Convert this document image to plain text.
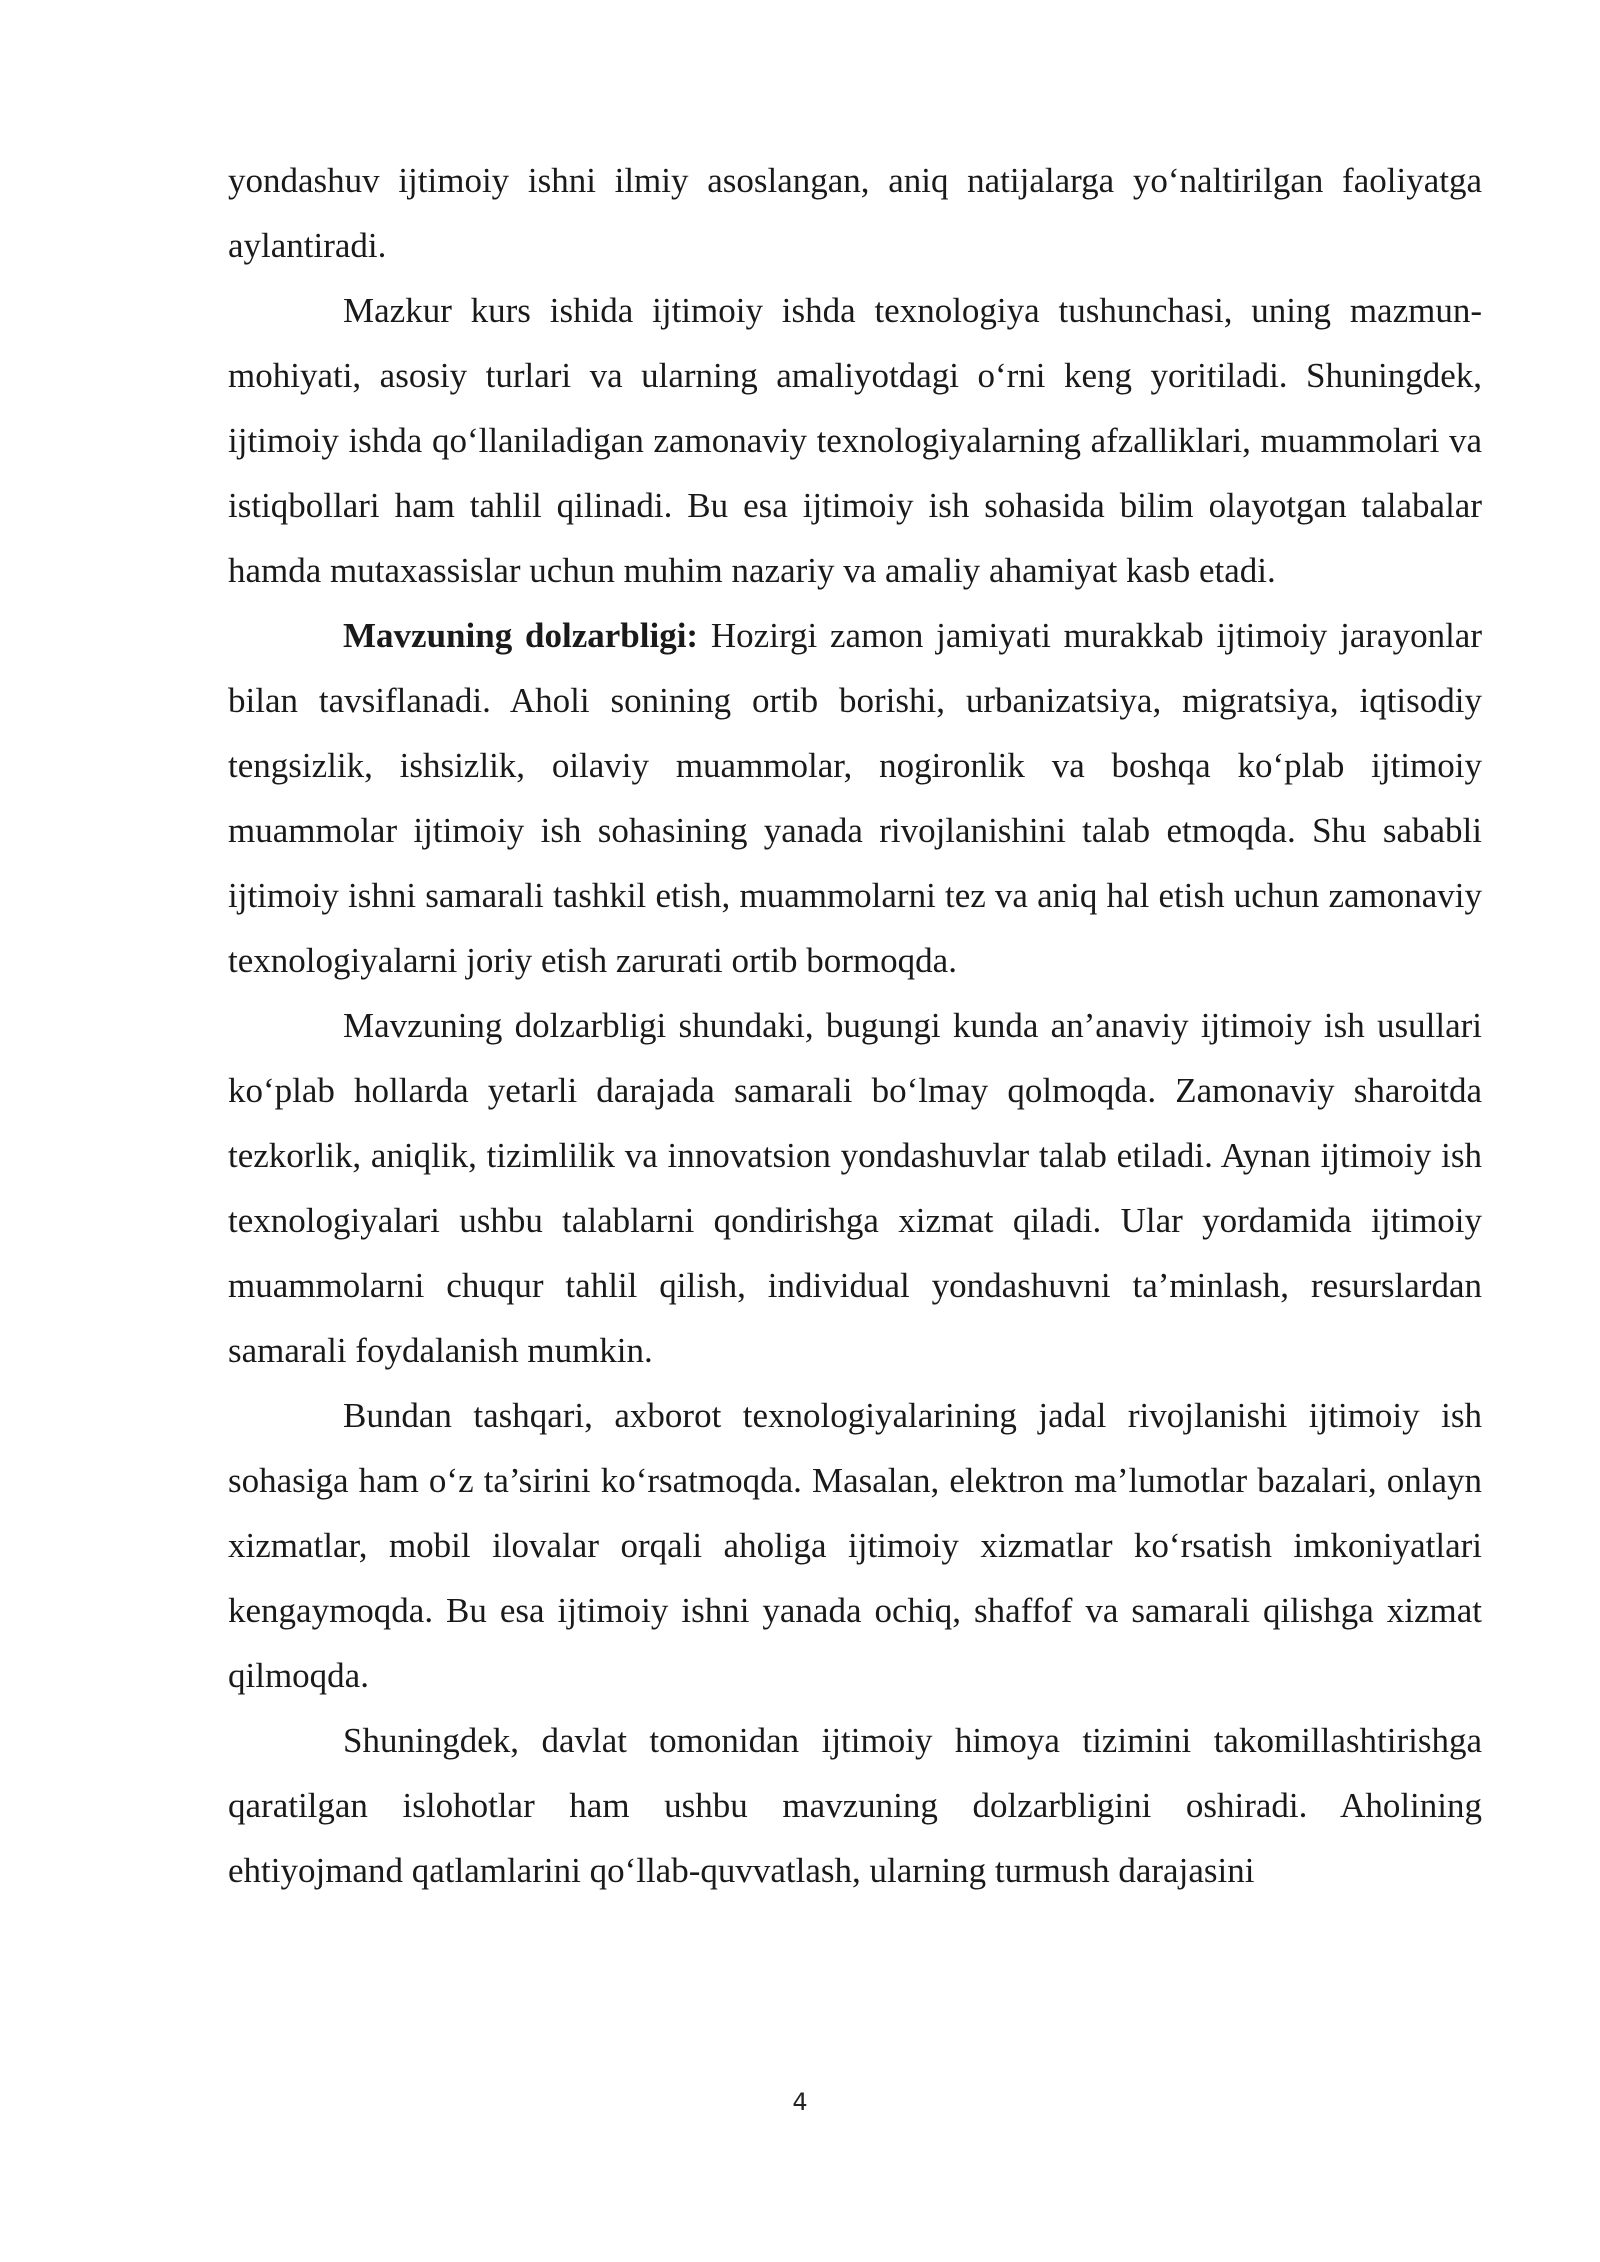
yondashuv ijtimoiy ishni ilmiy asoslangan, aniq natijalarga yo‘naltirilgan faoliyatga aylantiradi.

Mazkur kurs ishida ijtimoiy ishda texnologiya tushunchasi, uning mazmun-mohiyati, asosiy turlari va ularning amaliyotdagi o‘rni keng yoritiladi. Shuningdek, ijtimoiy ishda qo‘llaniladigan zamonaviy texnologiyalarning afzalliklari, muammolari va istiqbollari ham tahlil qilinadi. Bu esa ijtimoiy ish sohasida bilim olayotgan talabalar hamda mutaxassislar uchun muhim nazariy va amaliy ahamiyat kasb etadi.

Mavzuning dolzarbligi: Hozirgi zamon jamiyati murakkab ijtimoiy jarayonlar bilan tavsiflanadi. Aholi sonining ortib borishi, urbanizatsiya, migratsiya, iqtisodiy tengsizlik, ishsizlik, oilaviy muammolar, nogironlik va boshqa ko‘plab ijtimoiy muammolar ijtimoiy ish sohasining yanada rivojlanishini talab etmoqda. Shu sababli ijtimoiy ishni samarali tashkil etish, muammolarni tez va aniq hal etish uchun zamonaviy texnologiyalarni joriy etish zarurati ortib bormoqda.

Mavzuning dolzarbligi shundaki, bugungi kunda an’anaviy ijtimoiy ish usullari ko‘plab hollarda yetarli darajada samarali bo‘lmay qolmoqda. Zamonaviy sharoitda tezkorlik, aniqlik, tizimlilik va innovatsion yondashuvlar talab etiladi. Aynan ijtimoiy ish texnologiyalari ushbu talablarni qondirishga xizmat qiladi. Ular yordamida ijtimoiy muammolarni chuqur tahlil qilish, individual yondashuvni ta’minlash, resurslardan samarali foydalanish mumkin.

Bundan tashqari, axborot texnologiyalarining jadal rivojlanishi ijtimoiy ish sohasiga ham o‘z ta’sirini ko‘rsatmoqda. Masalan, elektron ma’lumotlar bazalari, onlayn xizmatlar, mobil ilovalar orqali aholiga ijtimoiy xizmatlar ko‘rsatish imkoniyatlari kengaymoqda. Bu esa ijtimoiy ishni yanada ochiq, shaffof va samarali qilishga xizmat qilmoqda.

Shuningdek, davlat tomonidan ijtimoiy himoya tizimini takomillashtirishga qaratilgan islohotlar ham ushbu mavzuning dolzarbligini oshiradi. Aholining ehtiyojmand qatlamlarini qo‘llab-quvvatlash, ularning turmush darajasini

4
